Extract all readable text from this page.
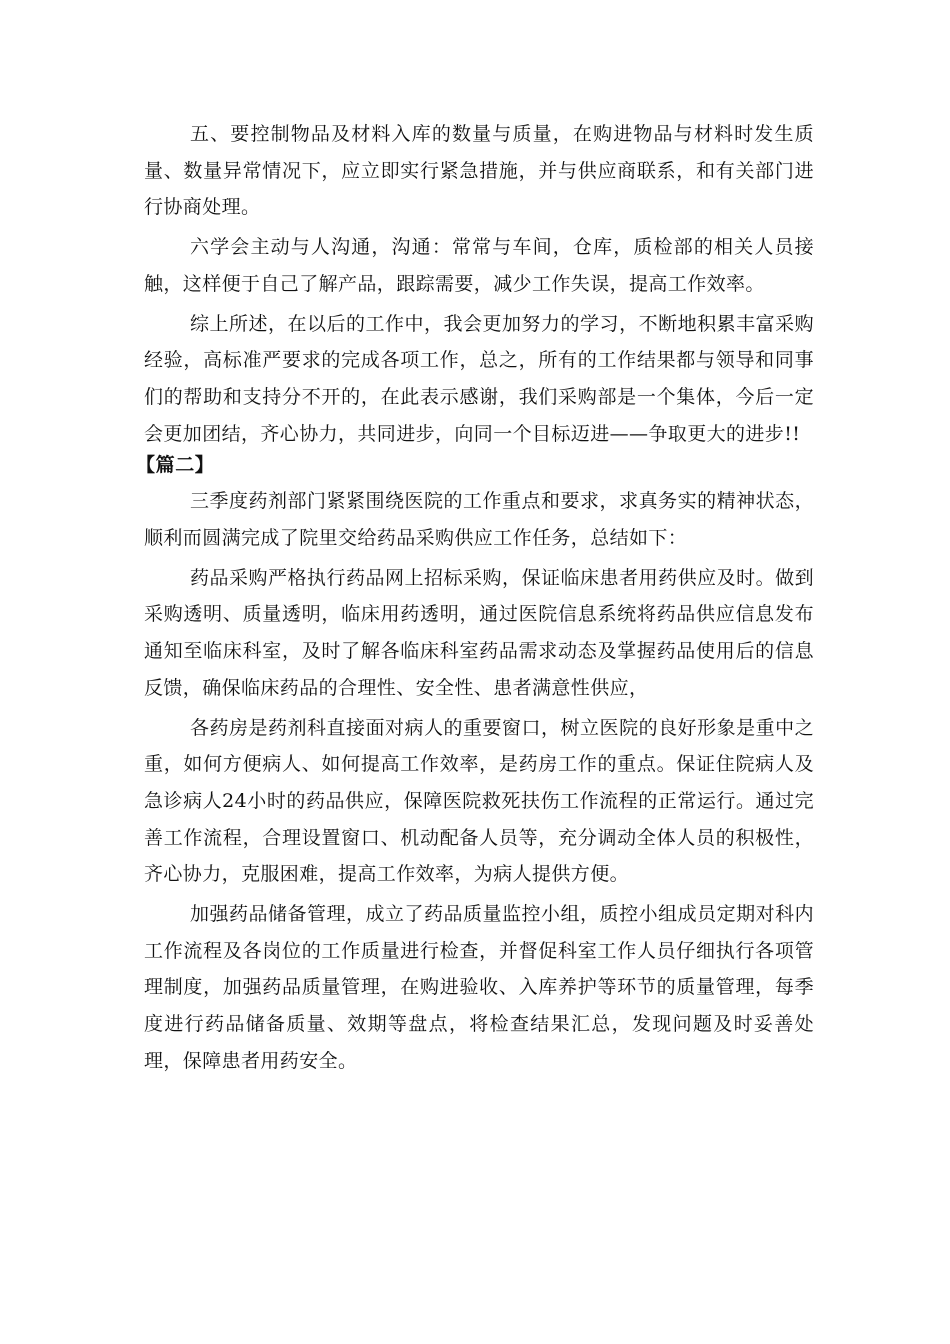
五、要控制物品及材料入库的数量与质量，在购进物品与材料时发生质量、数量异常情况下，应立即实行紧急措施，并与供应商联系，和有关部门进行协商处理。

六学会主动与人沟通，沟通：常常与车间，仓库，质检部的相关人员接触，这样便于自己了解产品，跟踪需要，减少工作失误，提高工作效率。

综上所述，在以后的工作中，我会更加努力的学习，不断地积累丰富采购经验，高标准严要求的完成各项工作，总之，所有的工作结果都与领导和同事们的帮助和支持分不开的，在此表示感谢，我们采购部是一个集体，今后一定会更加团结，齐心协力，共同进步，向同一个目标迈进——争取更大的进步!!

【篇二】

三季度药剂部门紧紧围绕医院的工作重点和要求，求真务实的精神状态，顺利而圆满完成了院里交给药品采购供应工作任务，总结如下：

药品采购严格执行药品网上招标采购，保证临床患者用药供应及时。做到采购透明、质量透明，临床用药透明，通过医院信息系统将药品供应信息发布通知至临床科室，及时了解各临床科室药品需求动态及掌握药品使用后的信息反馈，确保临床药品的合理性、安全性、患者满意性供应，

各药房是药剂科直接面对病人的重要窗口，树立医院的良好形象是重中之重，如何方便病人、如何提高工作效率，是药房工作的重点。保证住院病人及急诊病人24小时的药品供应，保障医院救死扶伤工作流程的正常运行。通过完善工作流程，合理设置窗口、机动配备人员等，充分调动全体人员的积极性，齐心协力，克服困难，提高工作效率，为病人提供方便。

加强药品储备管理，成立了药品质量监控小组，质控小组成员定期对科内工作流程及各岗位的工作质量进行检查，并督促科室工作人员仔细执行各项管理制度，加强药品质量管理，在购进验收、入库养护等环节的质量管理，每季度进行药品储备质量、效期等盘点，将检查结果汇总，发现问题及时妥善处理，保障患者用药安全。
